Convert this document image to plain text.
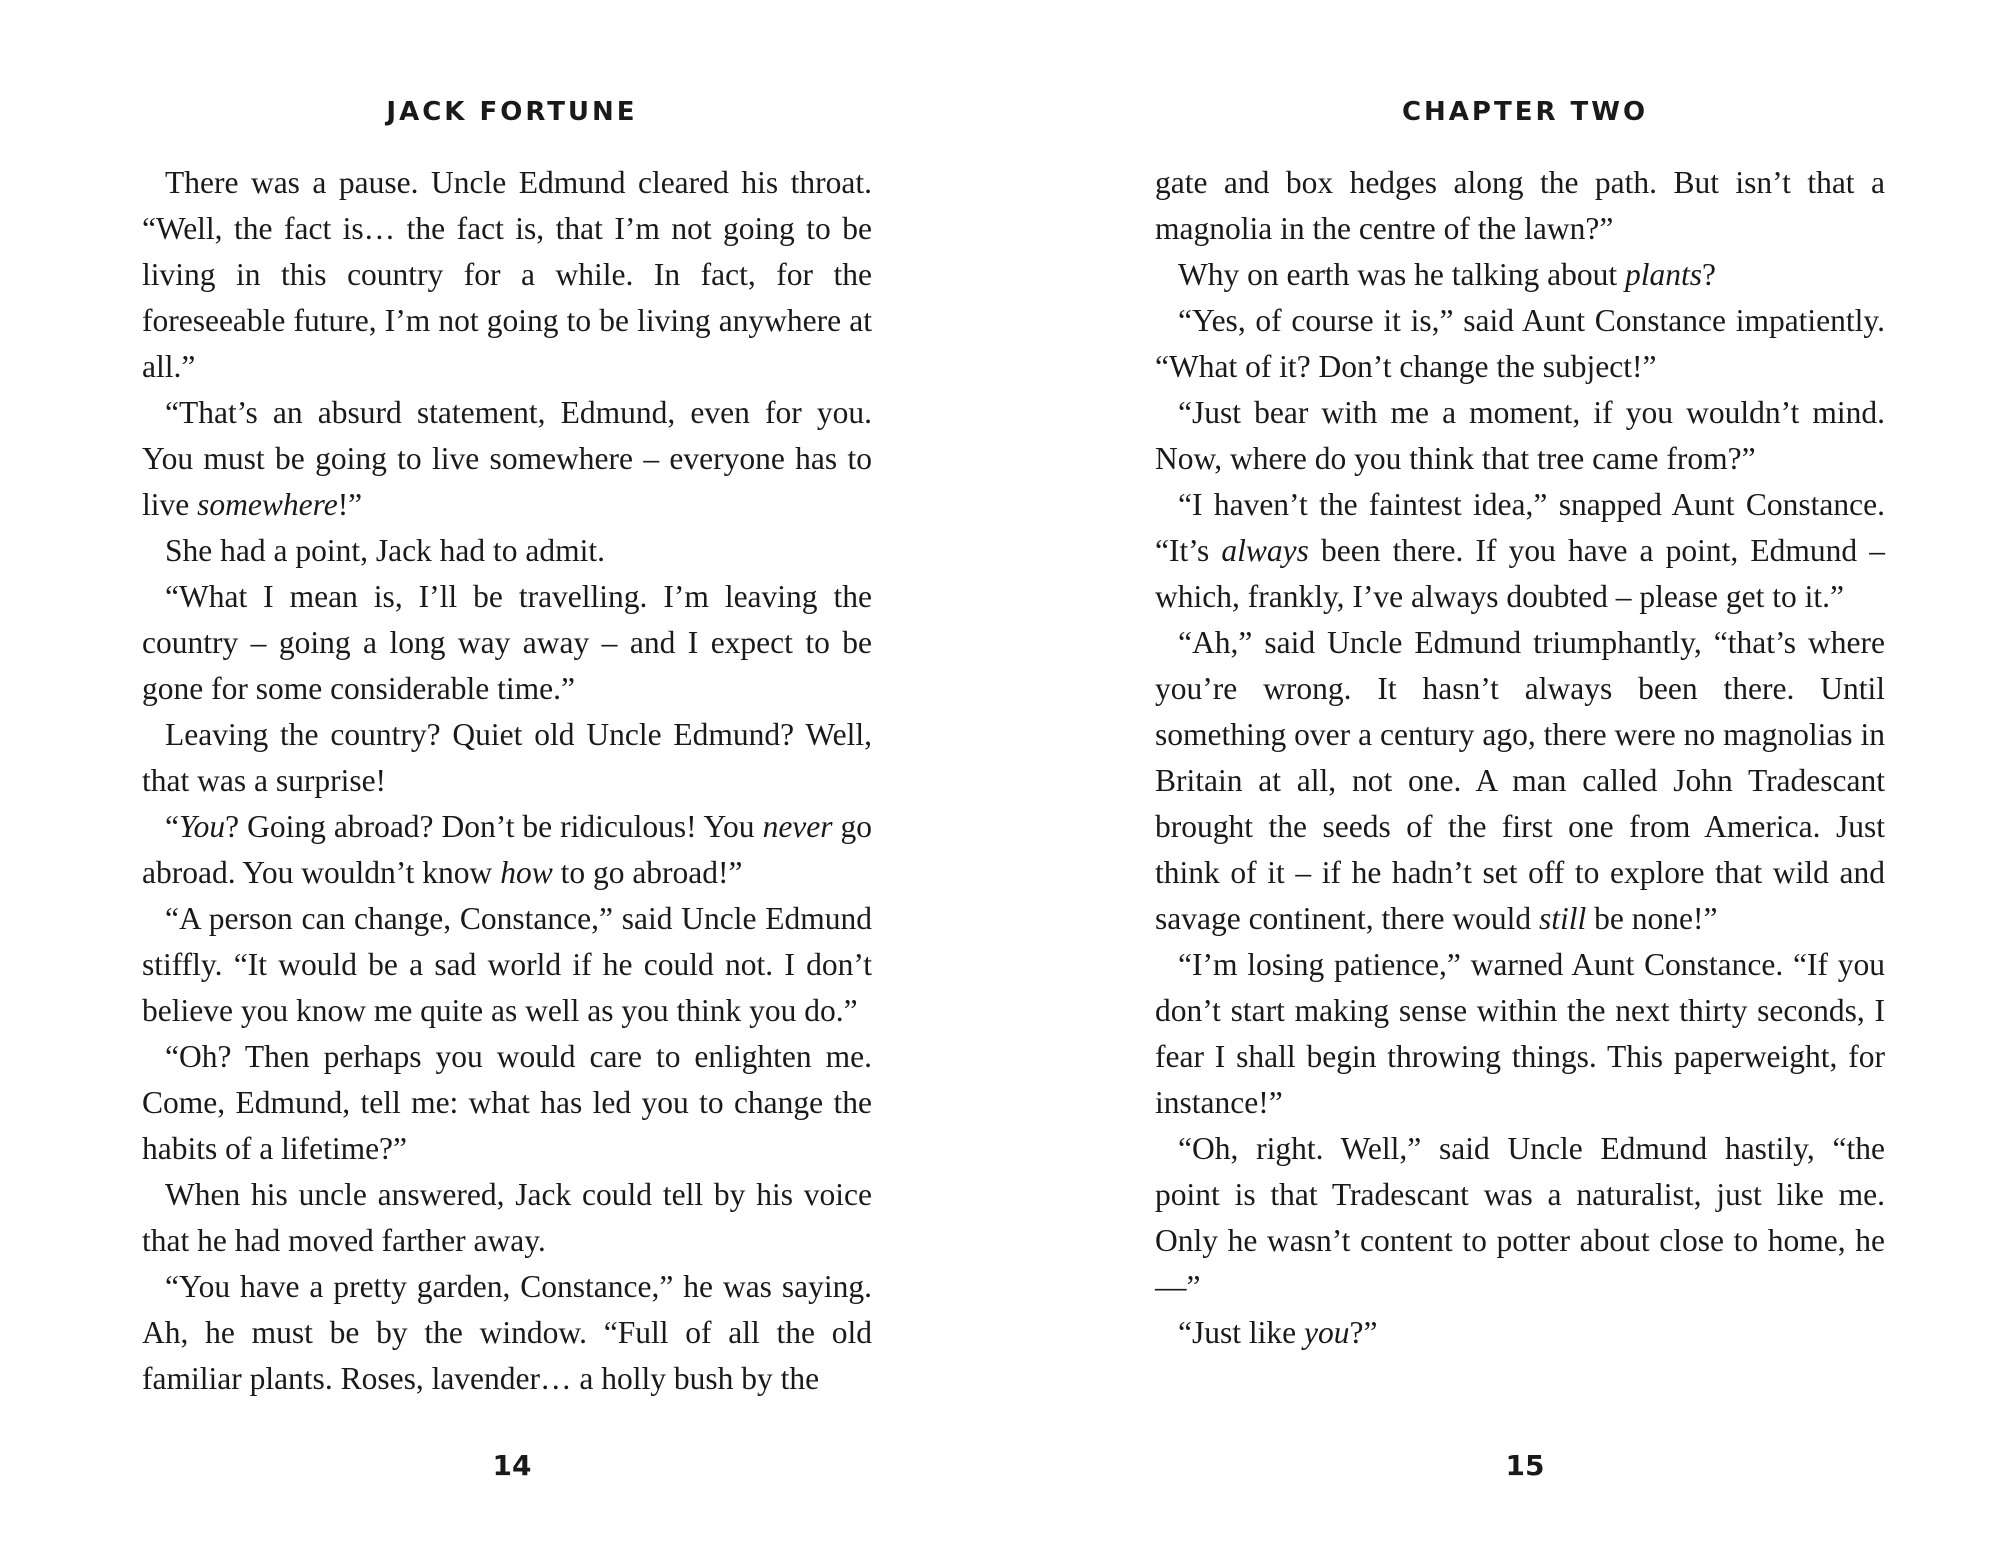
JACK FORTUNE

There was a pause. Uncle Edmund cleared his throat. “Well, the fact is… the fact is, that I’m not going to be living in this country for a while. In fact, for the foreseeable future, I’m not going to be living anywhere at all.”

“That’s an absurd statement, Edmund, even for you. You must be going to live somewhere – everyone has to live somewhere!”

She had a point, Jack had to admit.

“What I mean is, I’ll be travelling. I’m leaving the country – going a long way away – and I expect to be gone for some considerable time.”

Leaving the country? Quiet old Uncle Edmund? Well, that was a surprise!

“You? Going abroad? Don’t be ridiculous! You never go abroad. You wouldn’t know how to go abroad!”

“A person can change, Constance,” said Uncle Edmund stiffly. “It would be a sad world if he could not. I don’t believe you know me quite as well as you think you do.”

“Oh? Then perhaps you would care to enlighten me. Come, Edmund, tell me: what has led you to change the habits of a lifetime?”

When his uncle answered, Jack could tell by his voice that he had moved farther away.

“You have a pretty garden, Constance,” he was saying. Ah, he must be by the window. “Full of all the old familiar plants. Roses, lavender… a holly bush by the

14
CHAPTER TWO

gate and box hedges along the path. But isn’t that a magnolia in the centre of the lawn?”

Why on earth was he talking about plants?

“Yes, of course it is,” said Aunt Constance impatiently. “What of it? Don’t change the subject!”

“Just bear with me a moment, if you wouldn’t mind. Now, where do you think that tree came from?”

“I haven’t the faintest idea,” snapped Aunt Constance. “It’s always been there. If you have a point, Edmund – which, frankly, I’ve always doubted – please get to it.”

“Ah,” said Uncle Edmund triumphantly, “that’s where you’re wrong. It hasn’t always been there. Until something over a century ago, there were no magnolias in Britain at all, not one. A man called John Tradescant brought the seeds of the first one from America. Just think of it – if he hadn’t set off to explore that wild and savage continent, there would still be none!”

“I’m losing patience,” warned Aunt Constance. “If you don’t start making sense within the next thirty seconds, I fear I shall begin throwing things. This paperweight, for instance!”

“Oh, right. Well,” said Uncle Edmund hastily, “the point is that Tradescant was a naturalist, just like me. Only he wasn’t content to potter about close to home, he—”

“Just like you?”

15
